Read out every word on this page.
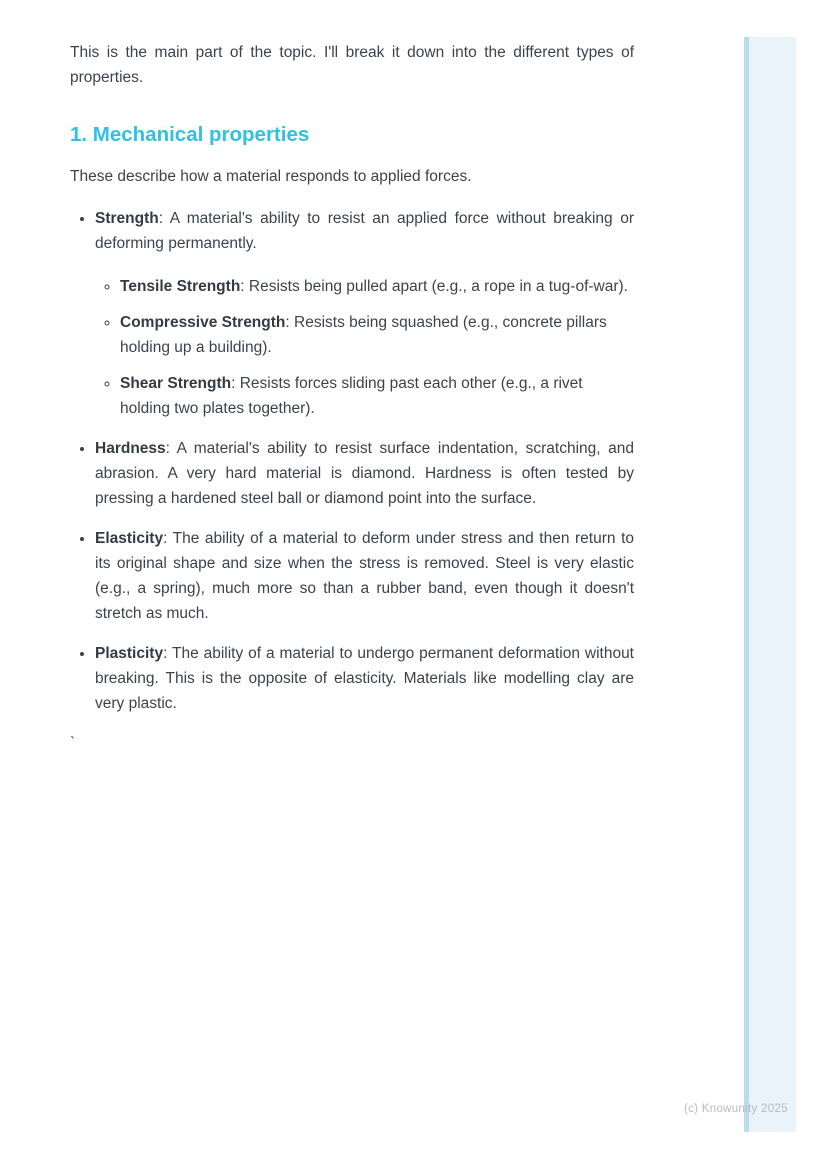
This is the main part of the topic. I'll break it down into the different types of properties.

1. Mechanical properties

These describe how a material responds to applied forces.

• Strength: A material's ability to resist an applied force without breaking or deforming permanently.
◦ Tensile Strength: Resists being pulled apart (e.g., a rope in a tug-of-war).
◦ Compressive Strength: Resists being squashed (e.g., concrete pillars holding up a building).
◦ Shear Strength: Resists forces sliding past each other (e.g., a rivet holding two plates together).
• Hardness: A material's ability to resist surface indentation, scratching, and abrasion. A very hard material is diamond. Hardness is often tested by pressing a hardened steel ball or diamond point into the surface.
• Elasticity: The ability of a material to deform under stress and then return to its original shape and size when the stress is removed. Steel is very elastic (e.g., a spring), much more so than a rubber band, even though it doesn't stretch as much.
• Plasticity: The ability of a material to undergo permanent deformation without breaking. This is the opposite of elasticity. Materials like modelling clay are very plastic.

`

(c) Knowunity 2025
